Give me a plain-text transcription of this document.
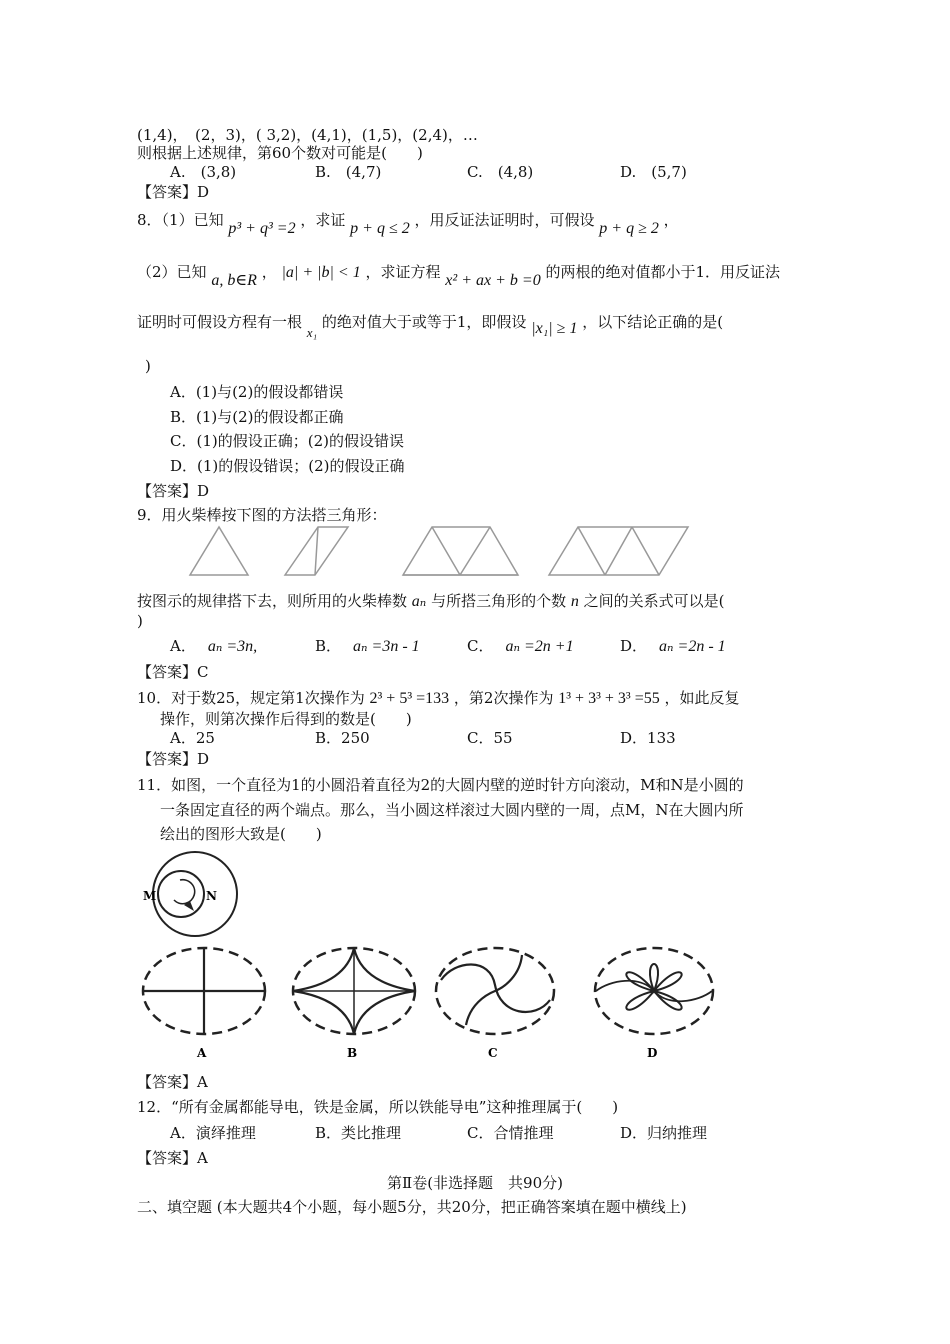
(1,4)，　(2，3)，( 3,2)，(4,1)，(1,5)，(2,4)，…
则根据上述规律，第60个数对可能是(　　)
A.　(3,8)	B.　(4,7)	C.　(4,8)	D.　(5,7)
【答案】D
8．（1）已知 p³ + q³ =2 ，求证 p + q ≤ 2 ，用反证法证明时，可假设 p + q ≥ 2 ，
（2）已知 a, b∈R ， |a| + |b| < 1 ，求证方程 x² + ax + b =0 的两根的绝对值都小于1．用反证法
证明时可假设方程有一根 x₁ 的绝对值大于或等于1，即假设 |x₁| ≥ 1 ，以下结论正确的是(
)
A．(1)与(2)的假设都错误
B．(1)与(2)的假设都正确
C．(1)的假设正确；(2)的假设错误
D．(1)的假设错误；(2)的假设正确
【答案】D
9．用火柴棒按下图的方法搭三角形：
按图示的规律搭下去，则所用的火柴棒数 aₙ 与所搭三角形的个数 n 之间的关系式可以是(
)
A． aₙ =3n,	B． aₙ =3n - 1	C． aₙ =2n +1	D． aₙ =2n - 1
【答案】C
10．对于数25，规定第1次操作为 2³ + 5³ =133 ，第2次操作为 1³ + 3³ + 3³ =55 ，如此反复
操作，则第次操作后得到的数是(　　)
A．25	B．250	C．55	D．133
【答案】D
11．如图，一个直径为1的小圆沿着直径为2的大圆内壁的逆时针方向滚动，M和N是小圆的
一条固定直径的两个端点。那么，当小圆这样滚过大圆内壁的一周，点M，N在大圆内所
绘出的图形大致是(　　)
M	N
A	B	C	D
【答案】A
12．“所有金属都能导电，铁是金属，所以铁能导电”这种推理属于(　　)
A．演绎推理	B．类比推理	C．合情推理	D．归纳推理
【答案】A
第Ⅱ卷(非选择题　共90分)
二、填空题 (本大题共4个小题，每小题5分，共20分，把正确答案填在题中横线上)
